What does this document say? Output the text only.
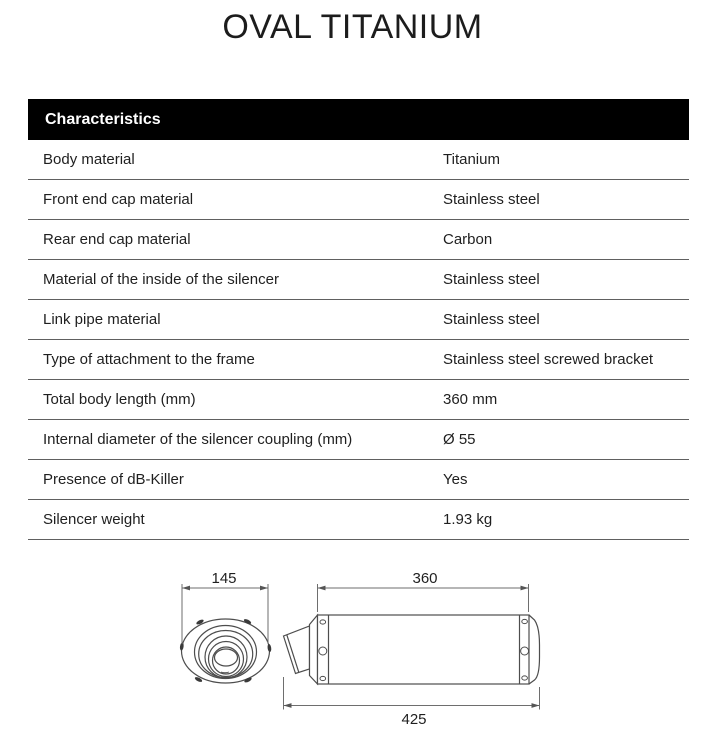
OVAL TITANIUM
Characteristics
Body material	Titanium
Front end cap material	Stainless steel
Rear end cap material	Carbon
Material of the inside of the silencer	Stainless steel
Link pipe material	Stainless steel
Type of attachment to the frame	Stainless steel screwed bracket
Total body length (mm)	360 mm
Internal diameter of the silencer coupling (mm)	Ø 55
Presence of dB-Killer	Yes
Silencer weight	1.93 kg
145	360
425
